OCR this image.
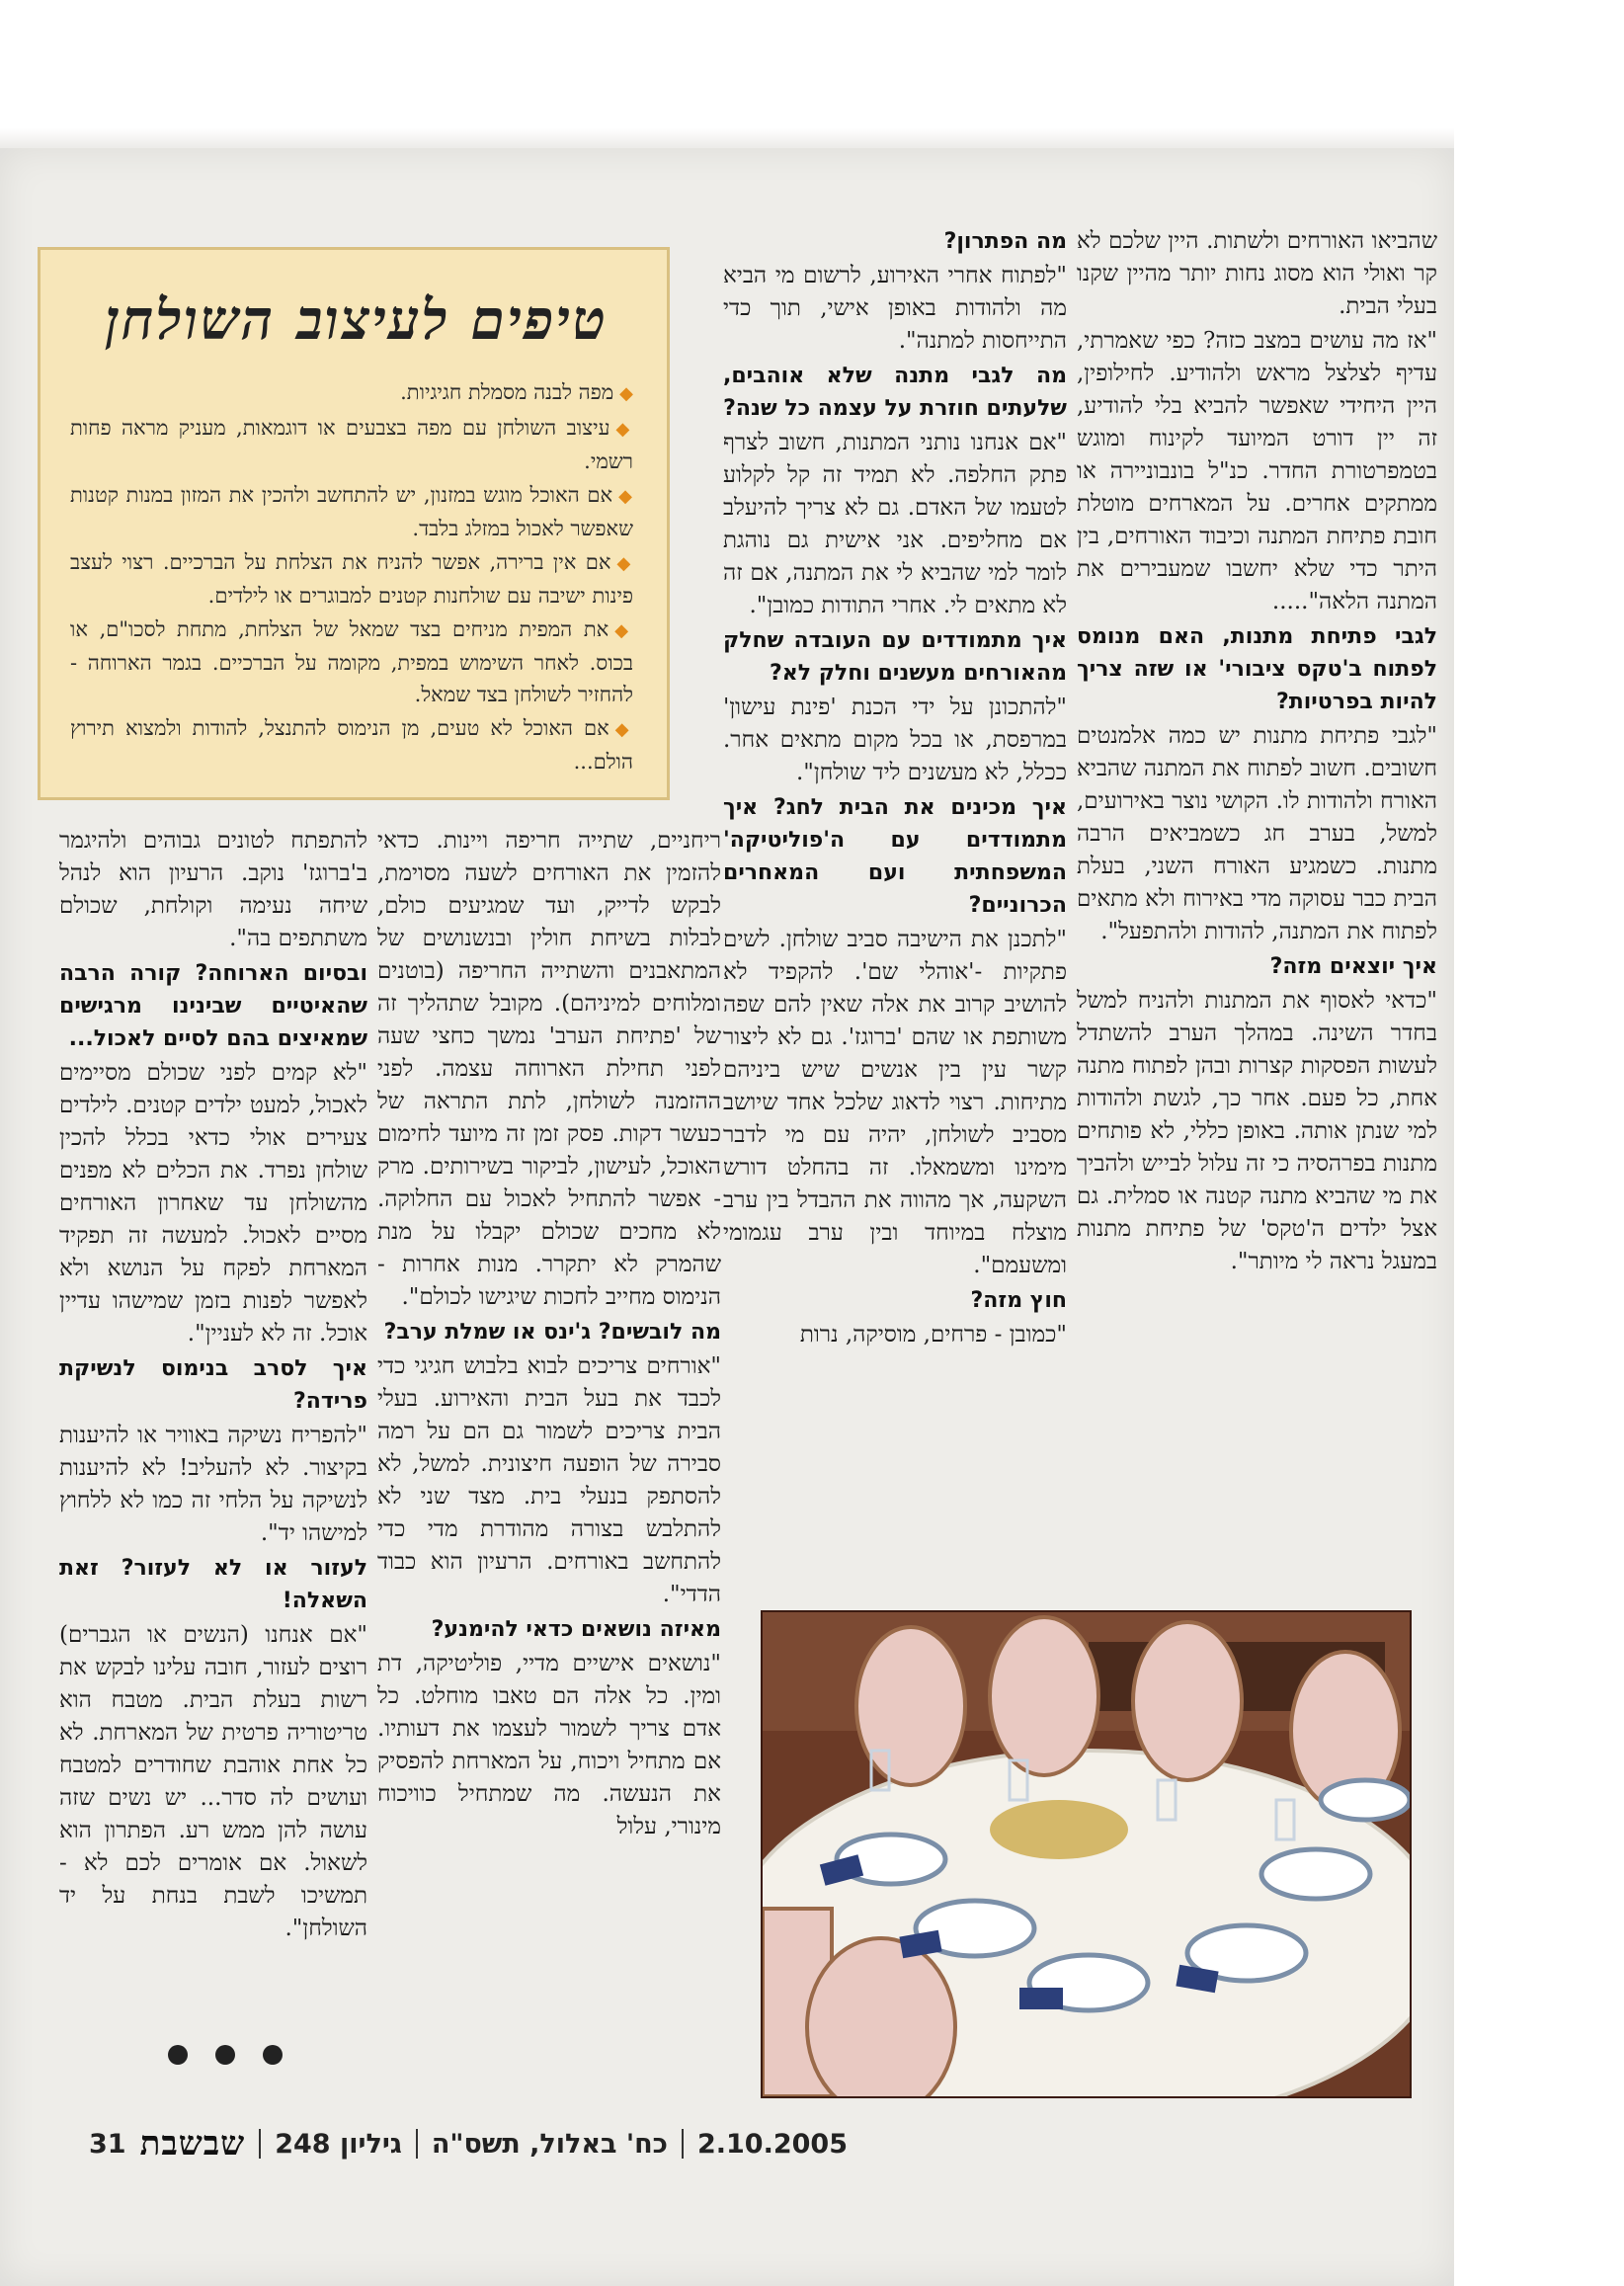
טיפים לעיצוב השולחן
◆מפה לבנה מסמלת חגיגיות.
◆עיצוב השולחן עם מפה בצבעים או דוגמאות, מעניק מראה פחות רשמי.
◆אם האוכל מוגש במזנון, יש להתחשב ולהכין את המזון במנות קטנות שאפשר לאכול במזלג בלבד.
◆אם אין ברירה, אפשר להניח את הצלחת על הברכיים. רצוי לעצב פינות ישיבה עם שולחנות קטנים למבוגרים או לילדים.
◆את המפית מניחים בצד שמאל של הצלחת, מתחת לסכו"ם, או בכוס. לאחר השימוש במפית, מקומה על הברכיים. בגמר הארוחה - להחזיר לשולחן בצד שמאל.
◆אם האוכל לא טעים, מן הנימוס להתנצל, להודות ולמצוא תירוץ הולם...

שהביאו האורחים ולשתות. היין שלכם לא קר ואולי הוא מסוג נחות יותר מהיין שקנו בעלי הבית.

"אז מה עושים במצב כזה? כפי שאמרתי, עדיף לצלצל מראש ולהודיע. לחילופין, היין היחידי שאפשר להביא בלי להודיע, זה יין דורט המיועד לקינוח ומוגש בטמפרטורת החדר. כנ"ל בונבוניירה או ממתקים אחרים. על המארחים מוטלת חובת פתיחת המתנה וכיבוד האורחים, בין היתר כדי שלא יחשבו שמעבירים את המתנה הלאה".....

לגבי פתיחת מתנות, האם מנומס לפתוח ב'טקס ציבורי' או שזה צריך להיות בפרטיות?

"לגבי פתיחת מתנות יש כמה אלמנטים חשובים. חשוב לפתוח את המתנה שהביא האורח ולהודות לו. הקושי נוצר באירועים, למשל, בערב חג כשמביאים הרבה מתנות. כשמגיע האורח השני, בעלת הבית כבר עסוקה מדי באירוח ולא מתאים לפתוח את המתנה, להודות ולהתפעל".

איך יוצאים מזה?

"כדאי לאסוף את המתנות ולהניח למשל בחדר השינה. במהלך הערב להשתדל לעשות הפסקות קצרות ובהן לפתוח מתנה אחת, כל פעם. אחר כך, לגשת ולהודות למי שנתן אותה. באופן כללי, לא פותחים מתנות בפרהסיה כי זה עלול לבייש ולהביך את מי שהביא מתנה קטנה או סמלית. גם אצל ילדים ה'טקס' של פתיחת מתנות במעגל נראה לי מיותר".

מה הפתרון?

"לפתוח אחרי האירוע, לרשום מי הביא מה ולהודות באופן אישי, תוך כדי התייחסות למתנה".

מה לגבי מתנה שלא אוהבים, שלעתים חוזרת על עצמה כל שנה?

"אם אנחנו נותני המתנות, חשוב לצרף פתק החלפה. לא תמיד זה קל לקלוע לטעמו של האדם. גם לא צריך להיעלב אם מחליפים. אני אישית גם נוהגת לומר למי שהביא לי את המתנה, אם זה לא מתאים לי. אחרי התודות כמובן".

איך מתמודדים עם העובדה שחלק מהאורחים מעשנים וחלק לא?

"להתכונן על ידי הכנת 'פינת עישון' במרפסת, או בכל מקום מתאים אחר. ככלל, לא מעשנים ליד שולחן".

איך מכינים את הבית לחג? איך מתמודדים עם ה'פוליטיקה' המשפחתית ועם המאחרים הכרוניים?

"לתכנן את הישיבה סביב שולחן. לשים פתקיות -'אוהלי שם'. להקפיד לא להושיב קרוב את אלה שאין להם שפה משותפת או שהם 'ברוגז'. גם לא ליצור קשר עין בין אנשים שיש ביניהם מתיחות. רצוי לדאוג שלכל אחד שיושב מסביב לשולחן, יהיה עם מי לדבר מימינו ומשמאלו. זה בהחלט דורש השקעה, אך מהווה את ההבדל בין ערב מוצלח במיוחד ובין ערב עגמומי ומשעמם".

חוץ מזה?

"כמובן - פרחים, מוסיקה, נרות

ריחניים, שתייה חריפה ויינות. כדאי להזמין את האורחים לשעה מסוימת, לבקש לדייק, ועד שמגיעים כולם, לבלות בשיחת חולין ובנשנושים של המתאבנים והשתייה החריפה (בוטנים ומלוחים למיניהם). מקובל שתהליך זה של 'פתיחת הערב' נמשך כחצי שעה לפני תחילת הארוחה עצמה. לפני ההזמנה לשולחן, לתת התראה של כעשר דקות. פסק זמן זה מיועד לחימום האוכל, לעישון, לביקור בשירותים. מרק - אפשר להתחיל לאכול עם החלוקה. לא מחכים שכולם יקבלו על מנת שהמרק לא יתקרר. מנות אחרות - הנימוס מחייב לחכות שיגישו לכולם".

מה לובשים? ג'ינס או שמלת ערב?

"אורחים צריכים לבוא בלבוש חגיגי כדי לכבד את בעל הבית והאירוע. בעלי הבית צריכים לשמור גם הם על רמה סבירה של הופעה חיצונית. למשל, לא להסתפק בנעלי בית. מצד שני לא להתלבש בצורה מהודרת מדי כדי להתחשב באורחים. הרעיון הוא כבוד הדדי".

מאיזה נושאים כדאי להימנע?

"נושאים אישיים מדיי, פוליטיקה, דת ומין. כל אלה הם טאבו מוחלט. כל אדם צריך לשמור לעצמו את דעותיו. אם מתחיל ויכוח, על המארחת להפסיק את הנעשה. מה שמתחיל כוויכוח מינורי, עלול

להתפתח לטונים גבוהים ולהיגמר ב'ברוגז' נוקב. הרעיון הוא לנהל שיחה נעימה וקולחת, שכולם משתתפים בה".

ובסיום הארוחה? קורה הרבה שהאיטיים שבינינו מרגישים שמאיצים בהם לסיים לאכול...

"לא קמים לפני שכולם מסיימים לאכול, למעט ילדים קטנים. לילדים צעירים אולי כדאי בכלל להכין שולחן נפרד. את הכלים לא מפנים מהשולחן עד שאחרון האורחים מסיים לאכול. למעשה זה תפקיד המארחת לפקח על הנושא ולא לאפשר לפנות בזמן שמישהו עדיין אוכל. זה לא לעניין".

איך לסרב בנימוס לנשיקת פרידה?

"להפריח נשיקה באוויר או להיענות בקיצור. לא להעליב! לא להיענות לנשיקה על הלחי זה כמו לא ללחוץ למישהו יד".

לעזור או לא לעזור? זאת השאלה!

"אם אנחנו (הנשים או הגברים) רוצים לעזור, חובה עלינו לבקש את רשות בעלת הבית. מטבח הוא טריטוריה פרטית של המארחת. לא כל אחת אוהבת שחודרים למטבח ועושים לה סדר... יש נשים שזה עושה להן ממש רע. הפתרון הוא לשאול. אם אומרים לכם לא - תמשיכו לשבת בנחת על יד השולחן".

31 שבשבת גיליון 248 כח' באלול, תשס"ה 2.10.2005
